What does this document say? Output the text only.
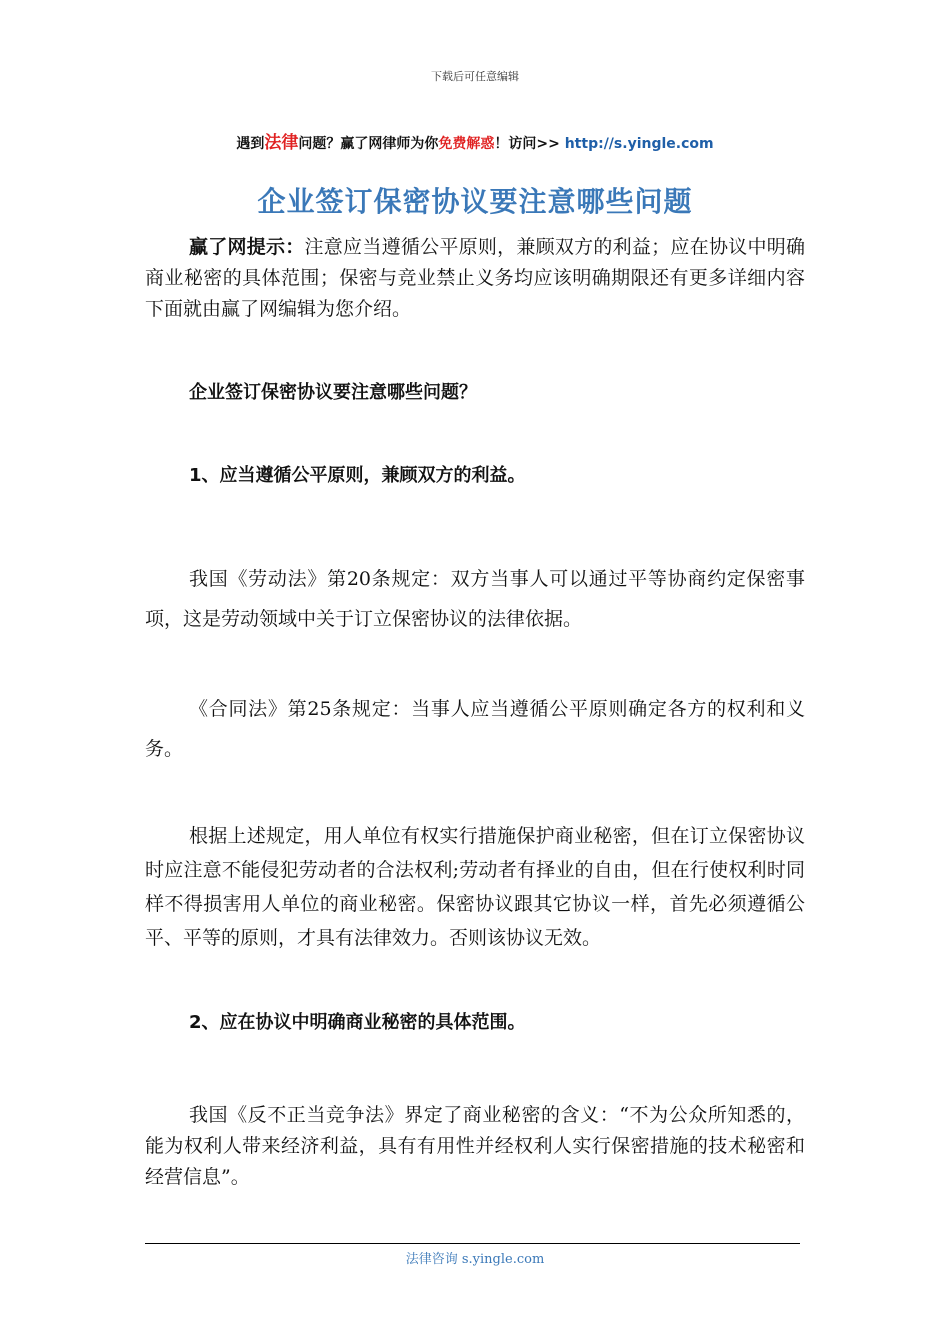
下载后可任意编辑
遇到法律问题？赢了网律师为你免费解惑！访问>> http://s.yingle.com
企业签订保密协议要注意哪些问题

赢了网提示：注意应当遵循公平原则，兼顾双方的利益；应在协议中明确商业秘密的具体范围；保密与竞业禁止义务均应该明确期限还有更多详细内容下面就由赢了网编辑为您介绍。

企业签订保密协议要注意哪些问题？

1、应当遵循公平原则，兼顾双方的利益。

我国《劳动法》第20条规定：双方当事人可以通过平等协商约定保密事项，这是劳动领域中关于订立保密协议的法律依据。

《合同法》第25条规定：当事人应当遵循公平原则确定各方的权利和义务。

根据上述规定，用人单位有权实行措施保护商业秘密，但在订立保密协议时应注意不能侵犯劳动者的合法权利;劳动者有择业的自由，但在行使权利时同样不得损害用人单位的商业秘密。保密协议跟其它协议一样，首先必须遵循公平、平等的原则，才具有法律效力。否则该协议无效。

2、应在协议中明确商业秘密的具体范围。

我国《反不正当竞争法》界定了商业秘密的含义：“不为公众所知悉的，能为权利人带来经济利益，具有有用性并经权利人实行保密措施的技术秘密和经营信息”。

法律咨询 s.yingle.com
